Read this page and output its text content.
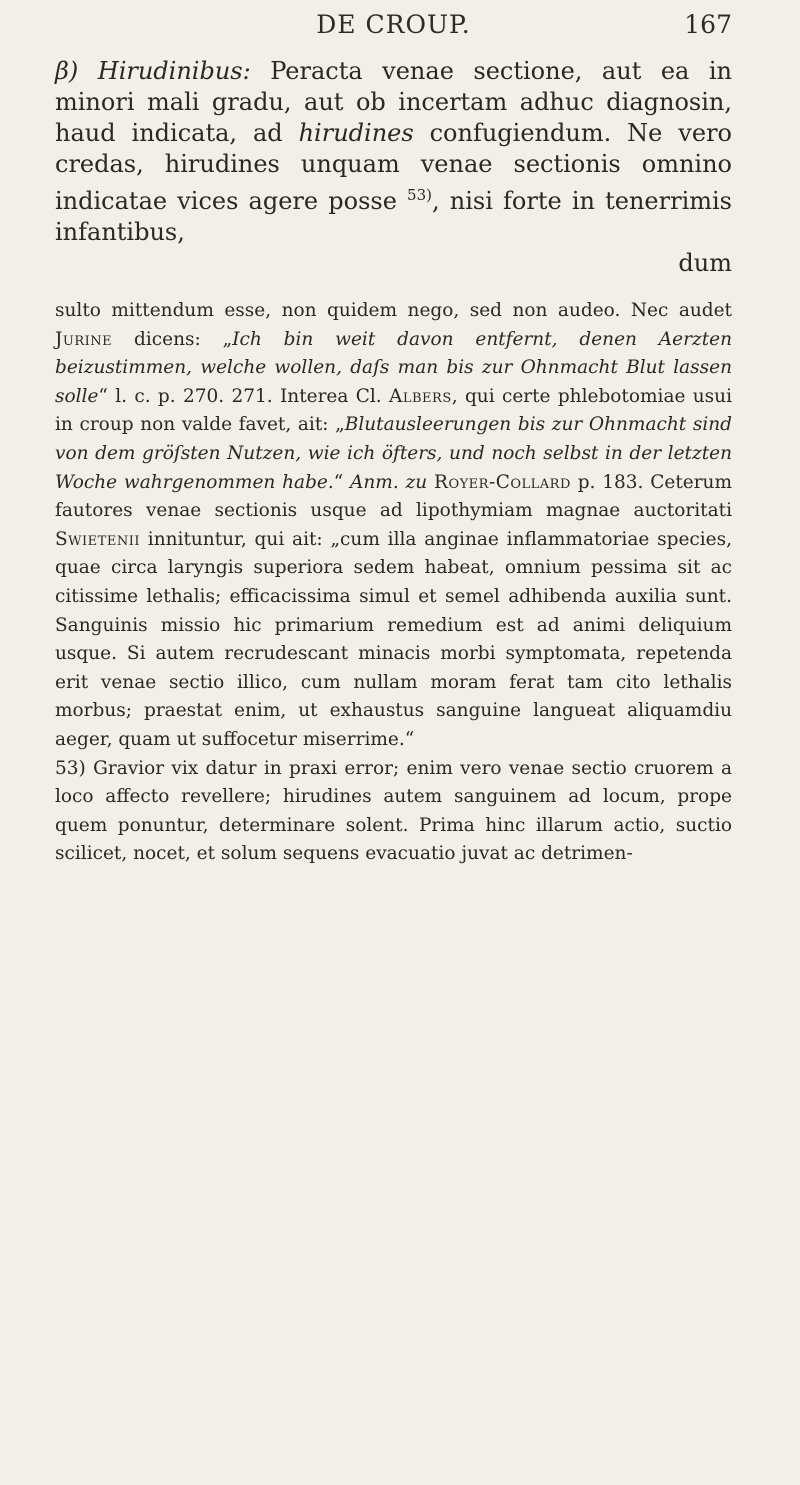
DE CROUP.	167
β) Hirudinibus: Peracta venae sectione, aut ea in minori mali gradu, aut ob incertam adhuc diagnosin, haud indicata, ad hirudines confugiendum. Ne vero credas, hirudines unquam venae sectionis omnino indicatae vices agere posse $^{53)}$, nisi forte in tenerrimis infantibus,
dum

sulto mittendum esse, non quidem nego, sed non audeo. Nec audet Jurine dicens: „Ich bin weit davon entfernt, denen Aerzten beizustimmen, welche wollen, daſs man bis zur Ohnmacht Blut lassen solle“ l. c. p. 270. 271. Interea Cl. Albers, qui certe phlebotomiae usui in croup non valde favet, ait: „Blutausleerungen bis zur Ohnmacht sind von dem gröſsten Nutzen, wie ich öfters, und noch selbst in der letzten Woche wahrgenommen habe.“ Anm. zu Royer-Collard p. 183. Ceterum fautores venae sectionis usque ad lipothymiam magnae auctoritati Swietenii innituntur, qui ait: „cum illa anginae inflammatoriae species, quae circa laryngis superiora sedem habeat, omnium pessima sit ac citissime lethalis; efficacissima simul et semel adhibenda auxilia sunt. Sanguinis missio hic primarium remedium est ad animi deliquium usque. Si autem recrudescant minacis morbi symptomata, repetenda erit venae sectio illico, cum nullam moram ferat tam cito lethalis morbus; praestat enim, ut exhaustus sanguine langueat aliquamdiu aeger, quam ut suffocetur miserrime.“

53) Gravior vix datur in praxi error; enim vero venae sectio cruorem a loco affecto revellere; hirudines autem sanguinem ad locum, prope quem ponuntur, determinare solent. Prima hinc illarum actio, suctio scilicet, nocet, et solum sequens evacuatio juvat ac detrimen-
